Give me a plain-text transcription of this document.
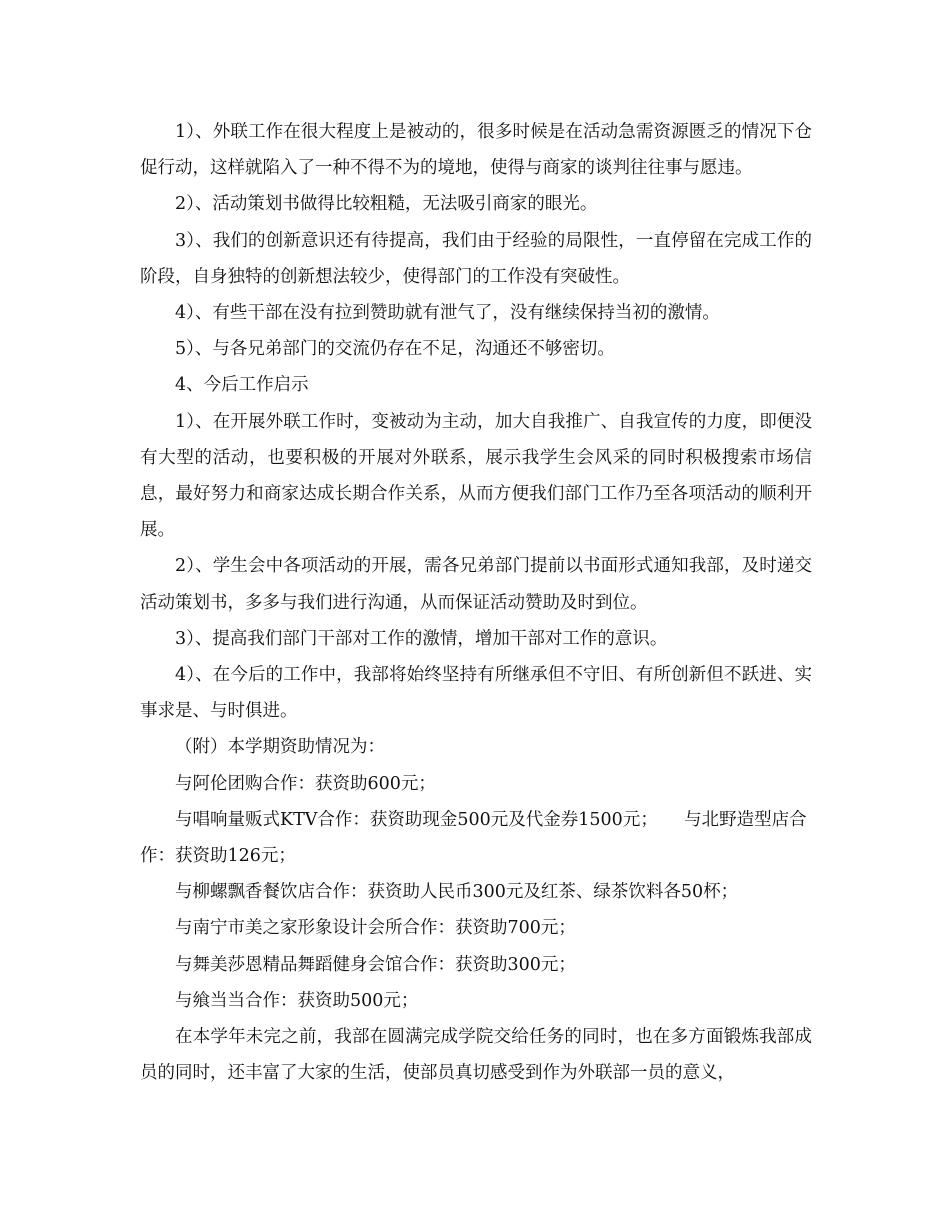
1）、外联工作在很大程度上是被动的，很多时候是在活动急需资源匮乏的情况下仓促行动，这样就陷入了一种不得不为的境地，使得与商家的谈判往往事与愿违。

2）、活动策划书做得比较粗糙，无法吸引商家的眼光。

3）、我们的创新意识还有待提高，我们由于经验的局限性，一直停留在完成工作的阶段，自身独特的创新想法较少，使得部门的工作没有突破性。

4）、有些干部在没有拉到赞助就有泄气了，没有继续保持当初的激情。

5）、与各兄弟部门的交流仍存在不足，沟通还不够密切。

4、今后工作启示

1）、在开展外联工作时，变被动为主动，加大自我推广、自我宣传的力度，即便没有大型的活动，也要积极的开展对外联系，展示我学生会风采的同时积极搜索市场信息，最好努力和商家达成长期合作关系，从而方便我们部门工作乃至各项活动的顺利开展。

2）、学生会中各项活动的开展，需各兄弟部门提前以书面形式通知我部，及时递交活动策划书，多多与我们进行沟通，从而保证活动赞助及时到位。

3）、提高我们部门干部对工作的激情，增加干部对工作的意识。

4）、在今后的工作中，我部将始终坚持有所继承但不守旧、有所创新但不跃进、实事求是、与时俱进。

（附）本学期资助情况为：

与阿伦团购合作：获资助600元；

与唱响量贩式KTV合作：获资助现金500元及代金券1500元；　　与北野造型店合作：获资助126元；

与柳螺飘香餐饮店合作：获资助人民币300元及红茶、绿茶饮料各50杯；

与南宁市美之家形象设计会所合作：获资助700元；

与舞美莎恩精品舞蹈健身会馆合作：获资助300元；

与飨当当合作：获资助500元；

在本学年未完之前，我部在圆满完成学院交给任务的同时，也在多方面锻炼我部成员的同时，还丰富了大家的生活，使部员真切感受到作为外联部一员的意义，
